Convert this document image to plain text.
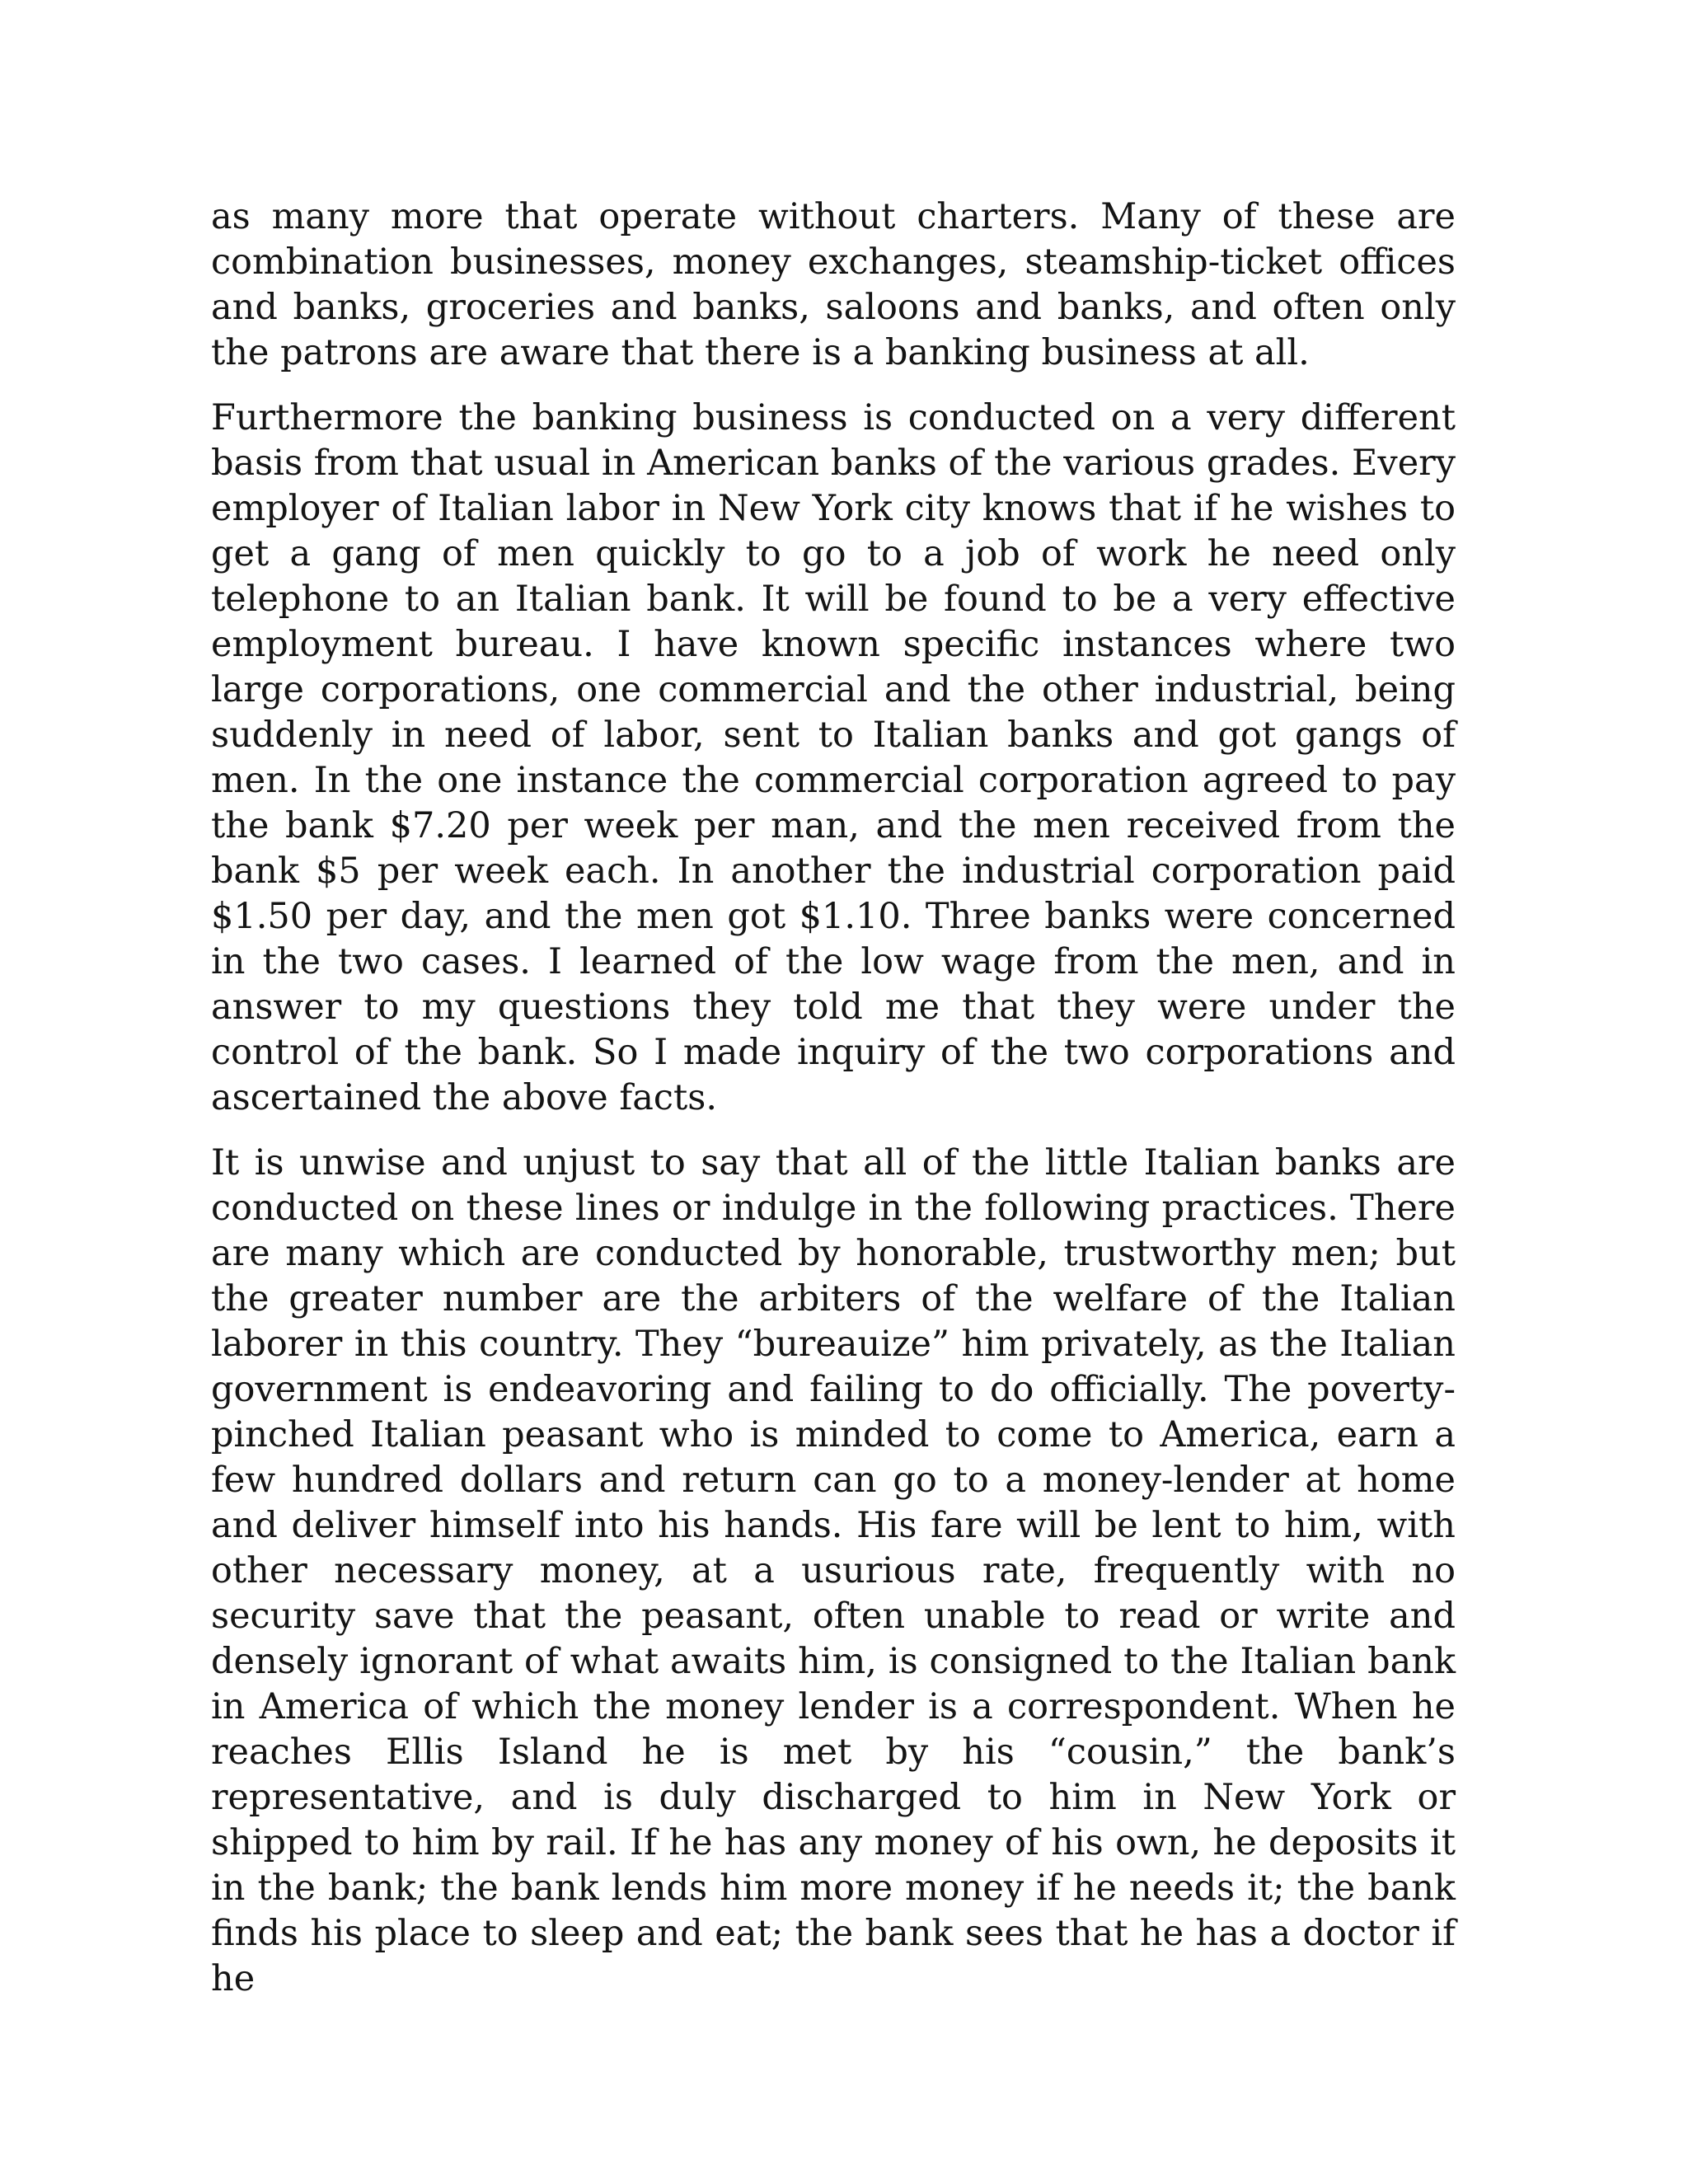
as many more that operate without charters. Many of these are combination businesses, money exchanges, steamship-ticket offices and banks, groceries and banks, saloons and banks, and often only the patrons are aware that there is a banking business at all.

Furthermore the banking business is conducted on a very different basis from that usual in American banks of the various grades. Every employer of Italian labor in New York city knows that if he wishes to get a gang of men quickly to go to a job of work he need only telephone to an Italian bank. It will be found to be a very effective employment bureau. I have known specific instances where two large corporations, one commercial and the other industrial, being suddenly in need of labor, sent to Italian banks and got gangs of men. In the one instance the commercial corporation agreed to pay the bank $7.20 per week per man, and the men received from the bank $5 per week each. In another the industrial corporation paid $1.50 per day, and the men got $1.10. Three banks were concerned in the two cases. I learned of the low wage from the men, and in answer to my questions they told me that they were under the control of the bank. So I made inquiry of the two corporations and ascertained the above facts.

It is unwise and unjust to say that all of the little Italian banks are conducted on these lines or indulge in the following practices. There are many which are conducted by honorable, trustworthy men; but the greater number are the arbiters of the welfare of the Italian laborer in this country. They “bureauize” him privately, as the Italian government is endeavoring and failing to do officially. The poverty-pinched Italian peasant who is minded to come to America, earn a few hundred dollars and return can go to a money-lender at home and deliver himself into his hands. His fare will be lent to him, with other necessary money, at a usurious rate, frequently with no security save that the peasant, often unable to read or write and densely ignorant of what awaits him, is consigned to the Italian bank in America of which the money lender is a correspondent. When he reaches Ellis Island he is met by his “cousin,” the bank’s representative, and is duly discharged to him in New York or shipped to him by rail. If he has any money of his own, he deposits it in the bank; the bank lends him more money if he needs it; the bank finds his place to sleep and eat; the bank sees that he has a doctor if he
